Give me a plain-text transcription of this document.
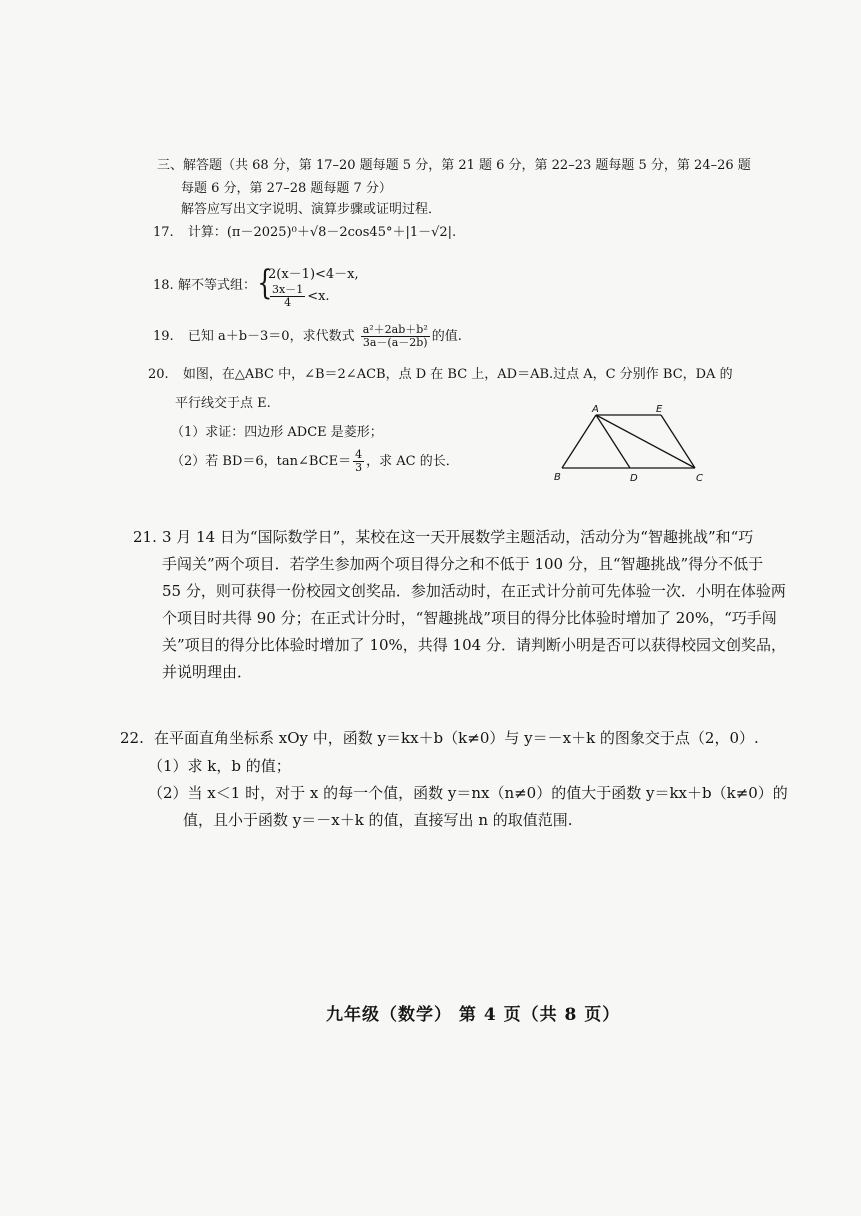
三、解答题（共 68 分，第 17–20 题每题 5 分，第 21 题 6 分，第 22–23 题每题 5 分，第 24–26 题
每题 6 分，第 27–28 题每题 7 分）
解答应写出文字说明、演算步骤或证明过程．
17. 计算：(π－2025)⁰＋√8－2cos45°＋|1－√2|.
18. 解不等式组： {
2(x－1)<4－x,
$\frac{3x-1}{4} <x$.
19. 已知 a＋b－3＝0，求代数式 $\frac{\text{a²＋2ab＋b²}}{3a-(a-2b)}$ 的值.
20. 如图，在△ABC 中，∠B＝2∠ACB，点 D 在 BC 上，AD＝AB.过点 A，C 分别作 BC，DA 的
平行线交于点 E.
（1）求证：四边形 ADCE 是菱形；
（2）若 BD＝6，tan∠BCE＝ $\frac{4}{3}$ ，求 AC 的长．
A	E
B	D	C
21. 3 月 14 日为“国际数学日”，某校在这一天开展数学主题活动，活动分为“智趣挑战”和“巧
手闯关”两个项目．若学生参加两个项目得分之和不低于 100 分，且“智趣挑战”得分不低于
55 分，则可获得一份校园文创奖品．参加活动时，在正式计分前可先体验一次．小明在体验两
个项目时共得 90 分；在正式计分时，“智趣挑战”项目的得分比体验时增加了 20%，“巧手闯
关”项目的得分比体验时增加了 10%，共得 104 分．请判断小明是否可以获得校园文创奖品，
并说明理由．
22. 在平面直角坐标系 xOy 中，函数 y＝kx＋b（k≠0）与 y＝－x＋k 的图象交于点（2，0）.
（1）求 k，b 的值；
（2）当 x＜1 时，对于 x 的每一个值，函数 y＝nx（n≠0）的值大于函数 y＝kx＋b（k≠0）的
值，且小于函数 y＝－x＋k 的值，直接写出 n 的取值范围.
九年级（数学） 第 4 页（共 8 页）
